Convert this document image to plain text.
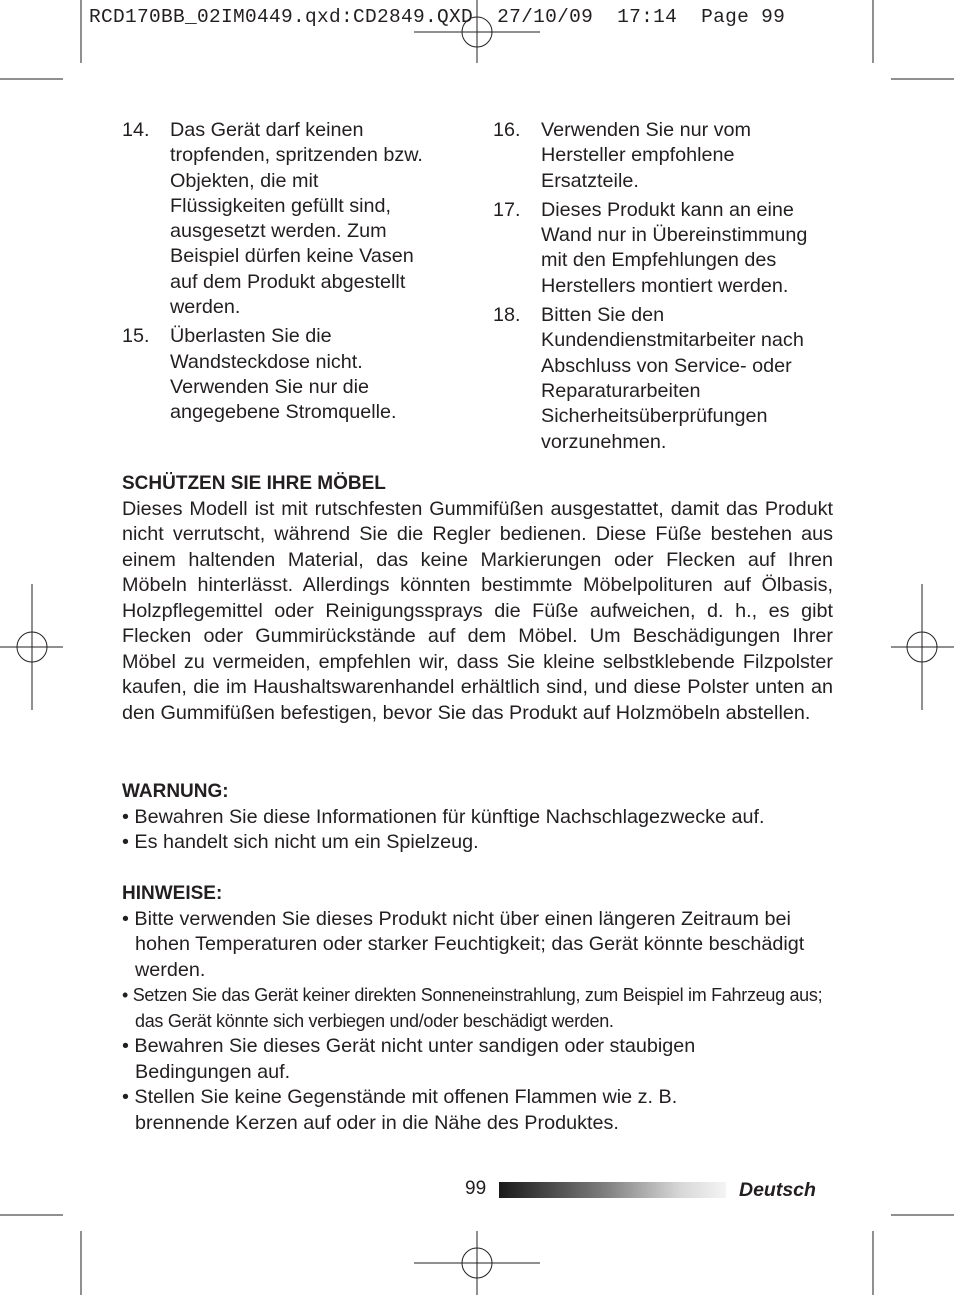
RCD170BB_02IM0449.qxd:CD2849.QXD  27/10/09  17:14  Page 99
14. Das Gerät darf keinen
tropfenden, spritzenden bzw.
Objekten, die mit
Flüssigkeiten gefüllt sind,
ausgesetzt werden. Zum
Beispiel dürfen keine Vasen
auf dem Produkt abgestellt
werden.
15. Überlasten Sie die
Wandsteckdose nicht.
Verwenden Sie nur die
angegebene Stromquelle.
16. Verwenden Sie nur vom
Hersteller empfohlene
Ersatzteile.
17. Dieses Produkt kann an eine
Wand nur in Übereinstimmung
mit den Empfehlungen des
Herstellers montiert werden.
18. Bitten Sie den
Kundendienstmitarbeiter nach
Abschluss von Service- oder
Reparaturarbeiten
Sicherheitsüberprüfungen
vorzunehmen.
SCHÜTZEN SIE IHRE MÖBEL
Dieses Modell ist mit rutschfesten Gummifüßen ausgestattet, damit das Produkt nicht verrutscht, während Sie die Regler bedienen. Diese Füße bestehen aus einem haltenden Material, das keine Markierungen oder Flecken auf Ihren Möbeln hinterlässt. Allerdings könnten bestimmte Möbelpolituren auf Ölbasis, Holzpflegemittel oder Reinigungssprays die Füße aufweichen, d. h., es gibt Flecken oder Gummirückstände auf dem Möbel. Um Beschädigungen Ihrer Möbel zu vermeiden, empfehlen wir, dass Sie kleine selbstklebende Filzpolster kaufen, die im Haushaltswarenhandel erhältlich sind, und diese Polster unten an den Gummifüßen befestigen, bevor Sie das Produkt auf Holzmöbeln abstellen.
WARNUNG:
• Bewahren Sie diese Informationen für künftige Nachschlagezwecke auf.
• Es handelt sich nicht um ein Spielzeug.
HINWEISE:
• Bitte verwenden Sie dieses Produkt nicht über einen längeren Zeitraum bei hohen Temperaturen oder starker Feuchtigkeit; das Gerät könnte beschädigt werden.
• Setzen Sie das Gerät keiner direkten Sonneneinstrahlung, zum Beispiel im Fahrzeug aus; das Gerät könnte sich verbiegen und/oder beschädigt werden.
• Bewahren Sie dieses Gerät nicht unter sandigen oder staubigen Bedingungen auf.
• Stellen Sie keine Gegenstände mit offenen Flammen wie z. B. brennende Kerzen auf oder in die Nähe des Produktes.
99	Deutsch
